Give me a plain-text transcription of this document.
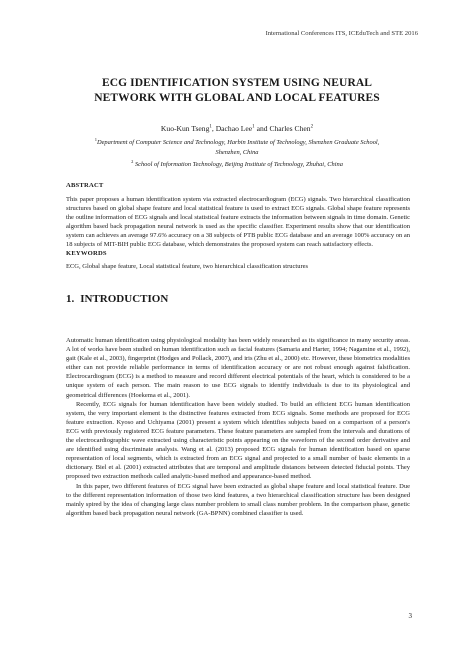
International Conferences ITS, ICEduTech and STE 2016
ECG IDENTIFICATION SYSTEM USING NEURAL
NETWORK WITH GLOBAL AND LOCAL FEATURES
Kuo-Kun Tseng$^1$, Dachao Lee$^1$ and Charles Chen$^2$
$^1$Department of Computer Science and Technology, Harbin Institute of Technology, Shenzhen Graduate School,
Shenzhen, China
$^2$ School of Information Technology, Beijing Institute of Technology, Zhuhai, China
ABSTRACT
This paper proposes a human identification system via extracted electrocardiogram (ECG) signals. Two hierarchical classification structures based on global shape feature and local statistical feature is used to extract ECG signals. Global shape feature represents the outline information of ECG signals and local statistical feature extracts the information between signals in time domain. Genetic algorithm based back propagation neural network is used as the specific classifier. Experiment results show that our identification system can achieves an average 97.6% accuracy on a 38 subjects of PTB public ECG database and an average 100% accuracy on an 18 subjects of MIT-BIH public ECG database, which demonstrates the proposed system can reach satisfactory effects.
KEYWORDS
ECG, Global shape feature, Local statistical feature, two hierarchical classification structures
1. INTRODUCTION

Automatic human identification using physiological modality has been widely researched as its significance in many security areas. A lot of works have been studied on human identification such as facial features (Samaria and Harter, 1994; Nagamine et al., 1992), gait (Kale et al., 2003), fingerprint (Hodges and Pollack, 2007), and iris (Zhu et al., 2000) etc. However, these biometrics modalities either can not provide reliable performance in terms of identification accuracy or are not robust enough against falsification. Electrocardiogram (ECG) is a method to measure and record different electrical potentials of the heart, which is considered to be a unique system of each person. The main reason to use ECG signals to identify individuals is due to its physiological and geometrical differences (Hoekema et al., 2001).

Recently, ECG signals for human identification have been widely studied. To build an efficient ECG human identification system, the very important element is the distinctive features extracted from ECG signals. Some methods are proposed for ECG feature extraction. Kyoso and Uchiyama (2001) present a system which identifies subjects based on a comparison of a person's ECG with previously registered ECG feature parameters. These feature parameters are sampled from the intervals and durations of the electrocardiographic wave extracted using characteristic points appearing on the waveform of the second order derivative and are identified using discriminate analysis. Wang et al. (2013) proposed ECG signals for human identification based on sparse representation of local segments, which is extracted from an ECG signal and projected to a small number of basic elements in a dictionary. Biel et al. (2001) extracted attributes that are temporal and amplitude distances between detected fiducial points. They proposed two extraction methods called analytic-based method and appearance-based method.

In this paper, two different features of ECG signal have been extracted as global shape feature and local statistical feature. Due to the different representation information of those two kind features, a two hierarchical classification structure has been designed mainly spired by the idea of changing large class number problem to small class number problem. In the comparison phase, genetic algorithm based back propagation neural network (GA-BPNN) combined classifier is used.

3
